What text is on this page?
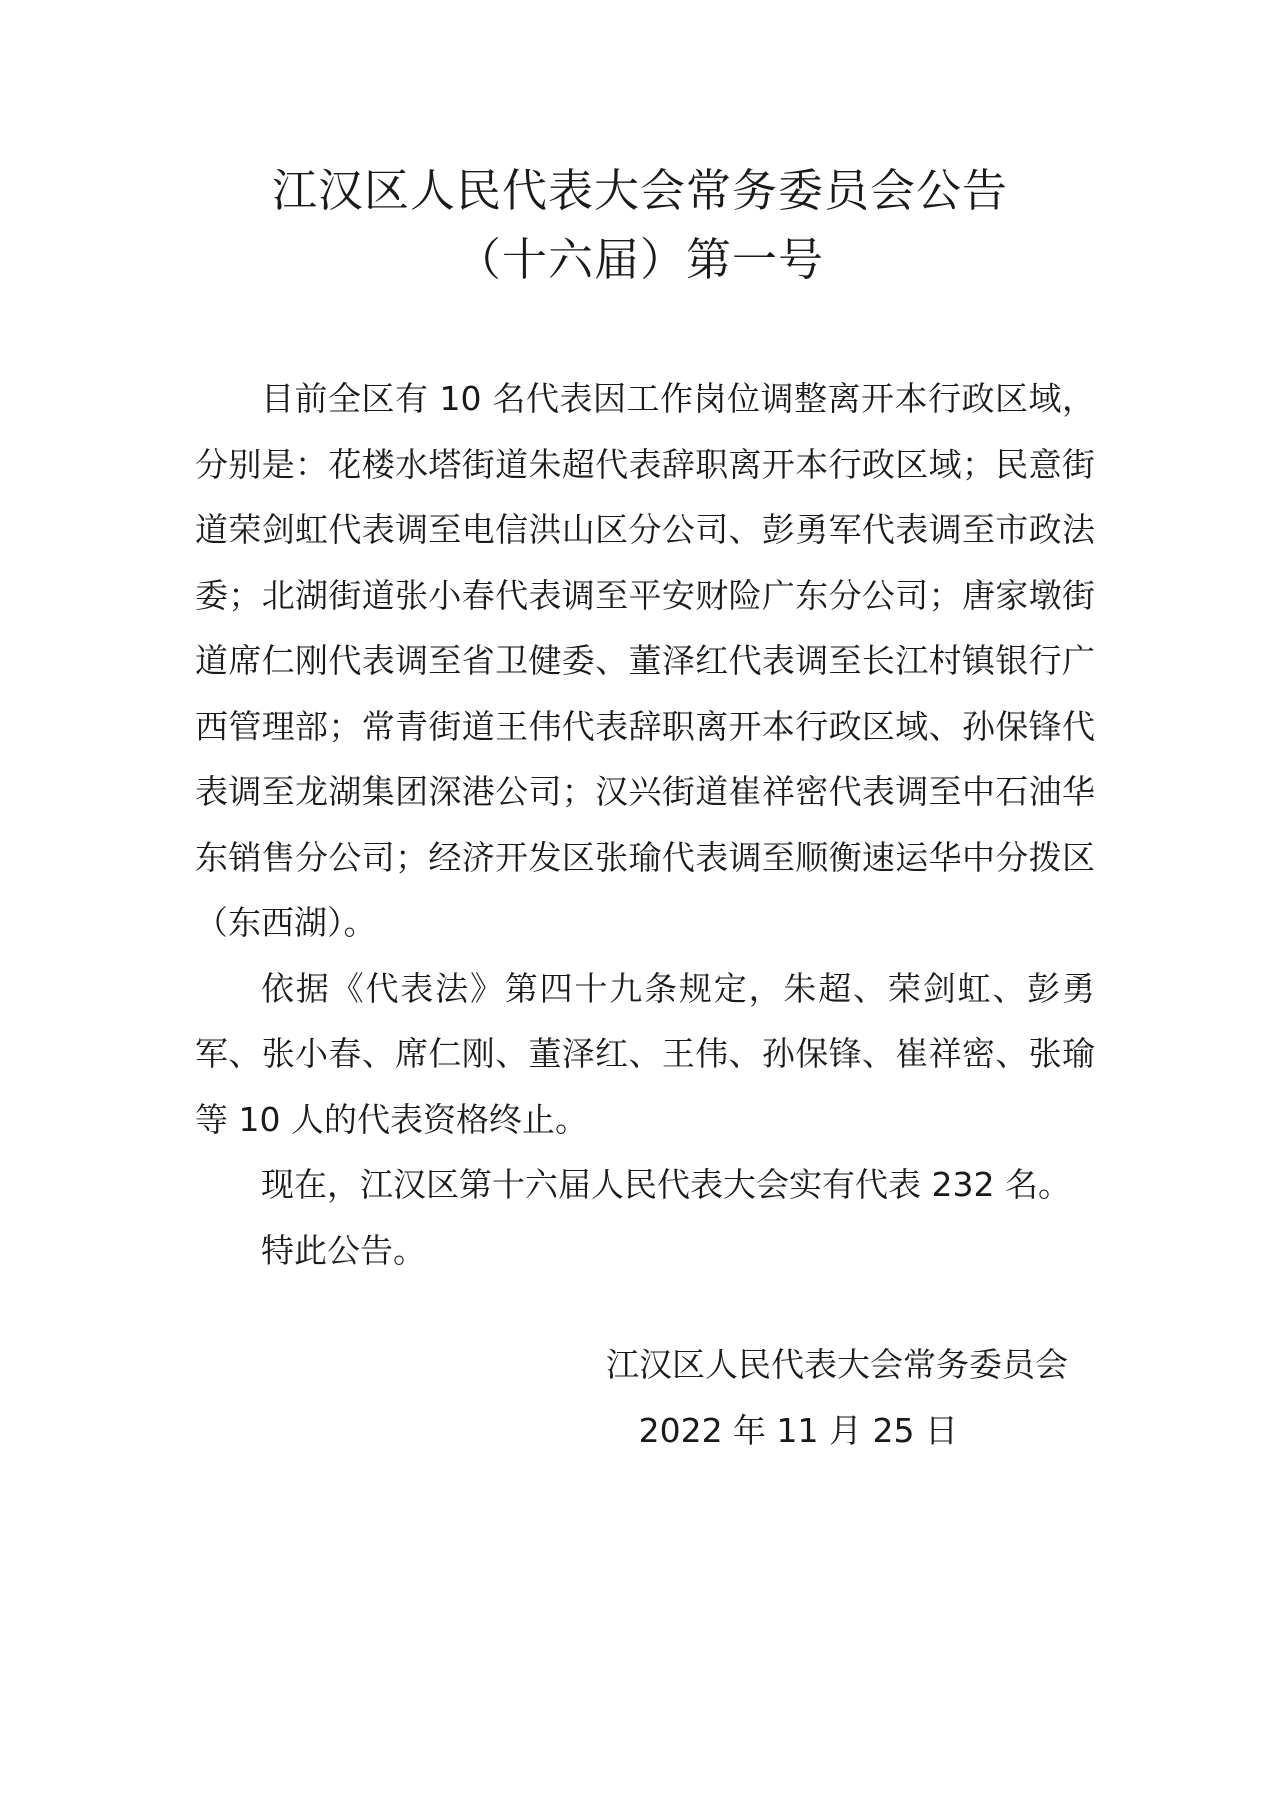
江汉区人民代表大会常务委员会公告
（十六届）第一号

目前全区有 10 名代表因工作岗位调整离开本行政区域，分别是：花楼水塔街道朱超代表辞职离开本行政区域；民意街道荣剑虹代表调至电信洪山区分公司、彭勇军代表调至市政法委；北湖街道张小春代表调至平安财险广东分公司；唐家墩街道席仁刚代表调至省卫健委、董泽红代表调至长江村镇银行广西管理部；常青街道王伟代表辞职离开本行政区域、孙保锋代表调至龙湖集团深港公司；汉兴街道崔祥密代表调至中石油华东销售分公司；经济开发区张瑜代表调至顺衡速运华中分拨区（东西湖）。

依据《代表法》第四十九条规定，朱超、荣剑虹、彭勇军、张小春、席仁刚、董泽红、王伟、孙保锋、崔祥密、张瑜等 10 人的代表资格终止。

现在，江汉区第十六届人民代表大会实有代表 232 名。

特此公告。

江汉区人民代表大会常务委员会
2022 年 11 月 25 日
